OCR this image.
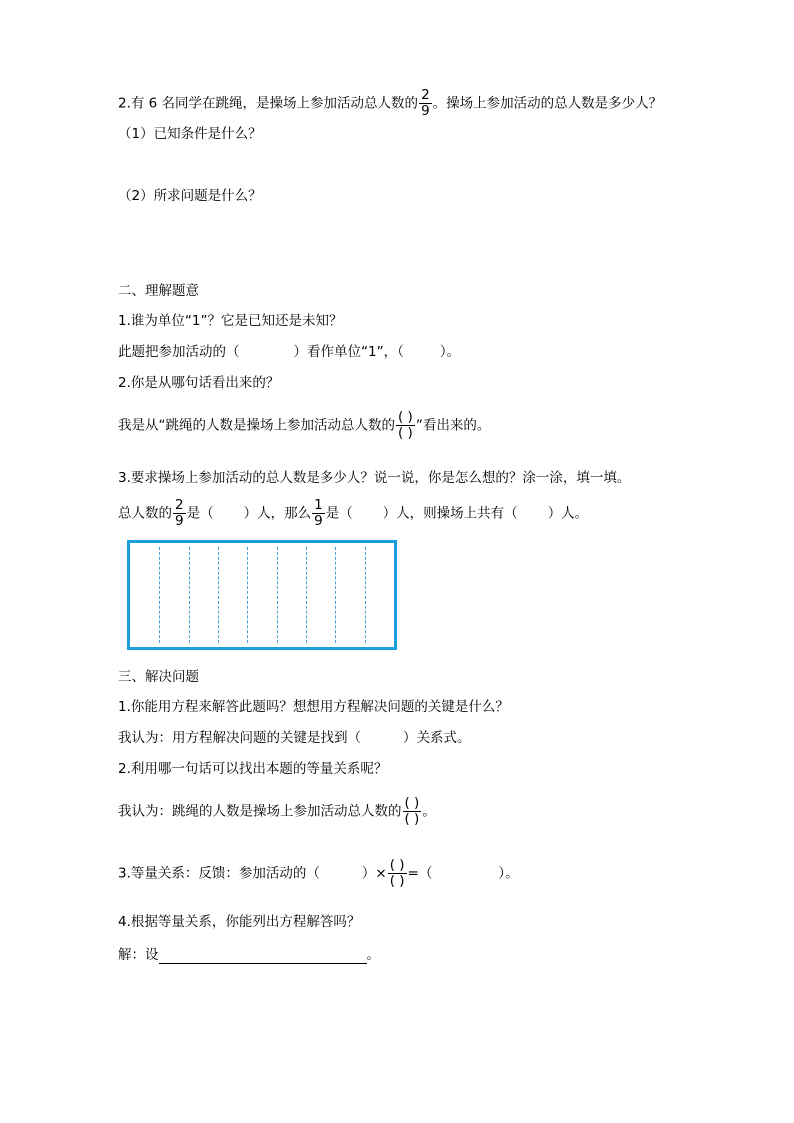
2.有 6 名同学在跳绳，是操场上参加活动总人数的 $\frac{2}{9}$ 。操场上参加活动的总人数是多少人？
（1）已知条件是什么？
（2）所求问题是什么？
二、理解题意
1.谁为单位“1”？它是已知还是未知？
此题把参加活动的（	）看作单位“1”，（	）。
2.你是从哪句话看出来的？
我是从“跳绳的人数是操场上参加活动总人数的 $\frac{( )}{( )}$ ”看出来的。
3.要求操场上参加活动的总人数是多少人？说一说，你是怎么想的？涂一涂，填一填。
总人数的 $\frac{2}{9}$ 是（ ）人，那么 $\frac{1}{9}$ 是（ ）人，则操场上共有（ ）人。
三、解决问题
1.你能用方程来解答此题吗？想想用方程解决问题的关键是什么？
我认为：用方程解决问题的关键是找到（	）关系式。
2.利用哪一句话可以找出本题的等量关系呢？
我认为：跳绳的人数是操场上参加活动总人数的 $\frac{( )}{( )}$ 。
3.等量关系：反馈：参加活动的（	）× $\frac{( )}{( )}$ =（	）。
4.根据等量关系，你能列出方程解答吗？
解：设	。
